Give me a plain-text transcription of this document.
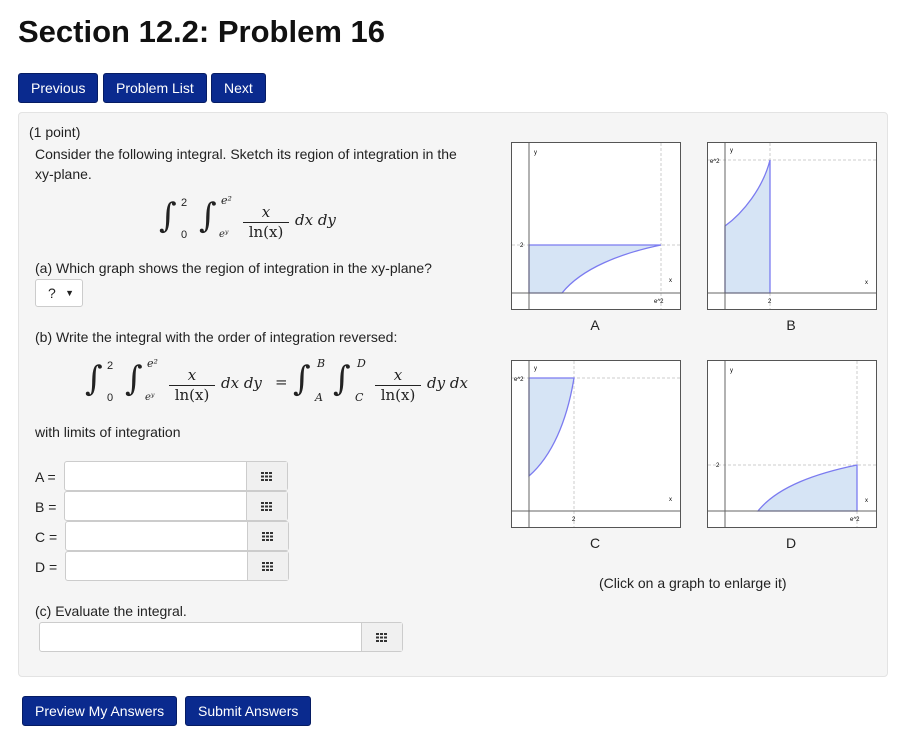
Section 12.2: Problem 16
Previous	Problem List	Next
(1 point)
Consider the following integral. Sketch its region of integration in the xy-plane.
∫ 2
0 ∫ e²
eʸ $\frac{x}{\ln(x)}$ dx dy
(a) Which graph shows the region of integration in the xy-plane?
? ▼
(b) Write the integral with the order of integration reversed:
∫ 2
0 ∫ e²
eʸ $\frac{x}{\ln(x)}$ dx dy = ∫ B
A ∫ D
C $\frac{x}{\ln(x)}$ dy dx
with limits of integration
A =
B =
C =
D =
(c) Evaluate the integral.
y
x
e^2
2
A
y
x
2
e^2
B
y
x
2
e^2
C
y
x
e^2
2
D
(Click on a graph to enlarge it)
Preview My Answers	Submit Answers
